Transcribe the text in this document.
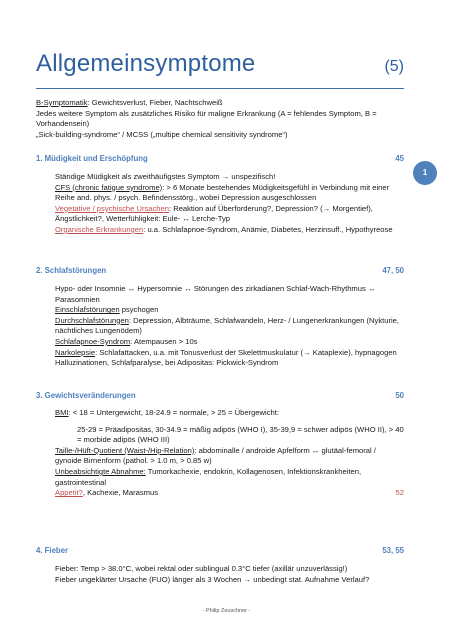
Allgemeinsymptome	(5)
B-Symptomatik: Gewichtsverlust, Fieber, Nachtschweiß
Jedes weitere Symptom als zusätzliches Risiko für maligne Erkrankung (A = fehlendes Symptom, B = Vorhandensein)
„Sick-building-syndrome“ / MCSS („multipe chemical sensitivity syndrome“)
1
1. Müdigkeit und Erschöpfung	45
Ständige Müdigkeit als zweithäufigstes Symptom → unspezifisch!
CFS (chronic fatigue syndrome): > 6 Monate bestehendes Müdigkeitsgefühl in Verbindung mit einer Reihe and. phys. / psych. Befindensstörg., wobei Depression ausgeschlossen
Vegetative / psychische Ursachen: Reaktion auf Überforderung?, Depression? (→ Morgentief), Ängstlichkeit?, Wetterfühligkeit: Eule- ↔ Lerche-Typ
Organische Erkrankungen: u.a. Schlafapnoe-Syndrom, Anämie, Diabetes, Herzinsuff., Hypothyreose
2. Schlafstörungen	47, 50
Hypo- oder Insomnie ↔ Hypersomnie ↔ Störungen des zirkadianen Schlaf-Wach-Rhythmus ↔ Parasomnien
Einschlafstörungen psychogen
Durchschlafstörungen: Depression, Albträume, Schlafwandeln, Herz- / Lungenerkrankungen (Nykturie, nächtliches Lungenödem)
Schlafapnoe-Syndrom: Atempausen > 10s
Narkolepsie: Schlafattacken, u.a. mit Tonusverlust der Skelettmuskulatur (→ Kataplexie), hypnagogen Halluzinationen, Schlafparalyse, bei Adipositas: Pickwick-Syndrom
3. Gewichtsveränderungen	50
BMI: < 18 = Untergewicht, 18-24.9 = normale, > 25 = Übergewicht:
25-29 = Präadipositas, 30-34.9 = mäßig adipös (WHO I), 35-39,9 = schwer adipös (WHO II), > 40 = morbide adipös (WHO III)
Taille-/Hüft-Quotient (Waist-/Hip-Relation): abdominalle / androide Apfelform ↔ glutäal-femoral / gynoide Birnenform (pathol. > 1.0 m, > 0.85 w)
Unbeabsichtigte Abnahme: Tumorkachexie, endokrin, Kollagenosen, Infektionskrankheiten, gastrointestinal
Appetit?, Kachexie, Marasmus	52
4. Fieber	53, 55
Fieber: Temp > 38.0°C, wobei rektal oder sublingual 0.3°C tiefer (axillär unzuverlässig!)
Fieber ungeklärter Ursache (FUO) länger als 3 Wochen → unbedingt stat. Aufnahme Verlauf?
- Philip Zeuschner -
